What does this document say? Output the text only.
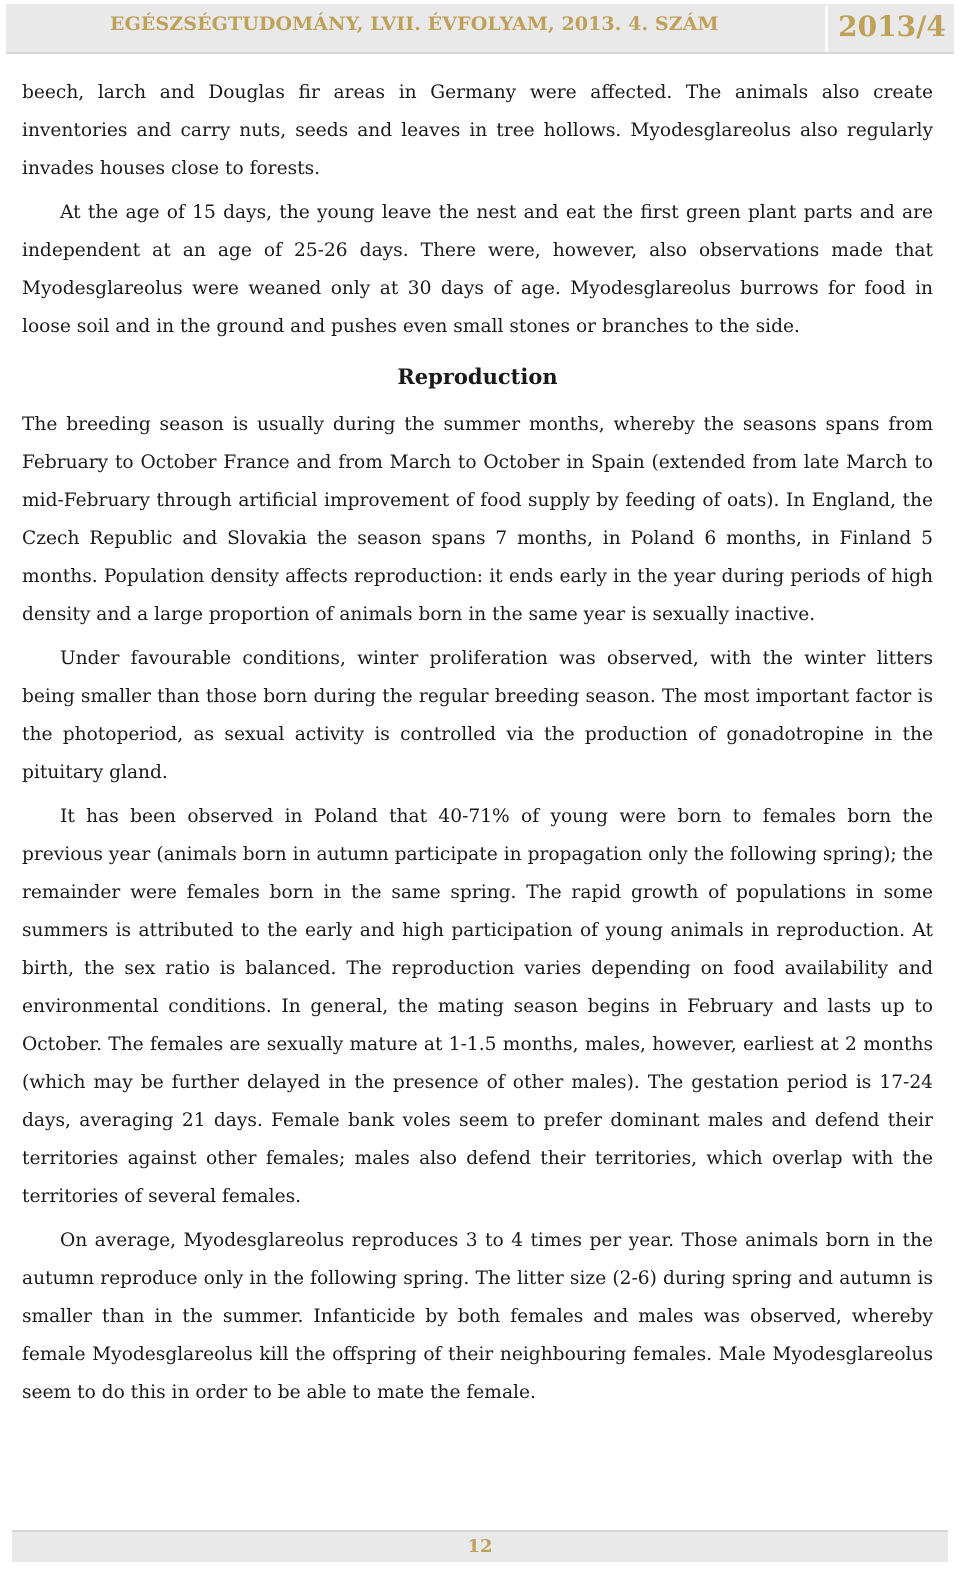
EGÉSZSÉGTUDOMÁNY, LVII. ÉVFOLYAM, 2013. 4. SZÁM	2013/4

beech, larch and Douglas fir areas in Germany were affected. The animals also create inventories and carry nuts, seeds and leaves in tree hollows. Myodesglareolus also regularly invades houses close to forests.

At the age of 15 days, the young leave the nest and eat the first green plant parts and are independent at an age of 25-26 days. There were, however, also observations made that Myodesglareolus were weaned only at 30 days of age. Myodesglareolus burrows for food in loose soil and in the ground and pushes even small stones or branches to the side.

Reproduction

The breeding season is usually during the summer months, whereby the seasons spans from February to October France and from March to October in Spain (extended from late March to mid-February through artificial improvement of food supply by feeding of oats). In England, the Czech Republic and Slovakia the season spans 7 months, in Poland 6 months, in Finland 5 months. Population density affects reproduction: it ends early in the year during periods of high density and a large proportion of animals born in the same year is sexually inactive.

Under favourable conditions, winter proliferation was observed, with the winter litters being smaller than those born during the regular breeding season. The most important factor is the photoperiod, as sexual activity is controlled via the production of gonadotropine in the pituitary gland.

It has been observed in Poland that 40-71% of young were born to females born the previous year (animals born in autumn participate in propagation only the following spring); the remainder were females born in the same spring. The rapid growth of populations in some summers is attributed to the early and high participation of young animals in reproduction. At birth, the sex ratio is balanced. The reproduction varies depending on food availability and environmental conditions. In general, the mating season begins in February and lasts up to October. The females are sexually mature at 1-1.5 months, males, however, earliest at 2 months (which may be further delayed in the presence of other males). The gestation period is 17-24 days, averaging 21 days. Female bank voles seem to prefer dominant males and defend their territories against other females; males also defend their territories, which overlap with the territories of several females.

On average, Myodesglareolus reproduces 3 to 4 times per year. Those animals born in the autumn reproduce only in the following spring. The litter size (2-6) during spring and autumn is smaller than in the summer. Infanticide by both females and males was observed, whereby female Myodesglareolus kill the offspring of their neighbouring females. Male Myodesglareolus seem to do this in order to be able to mate the female.

12
